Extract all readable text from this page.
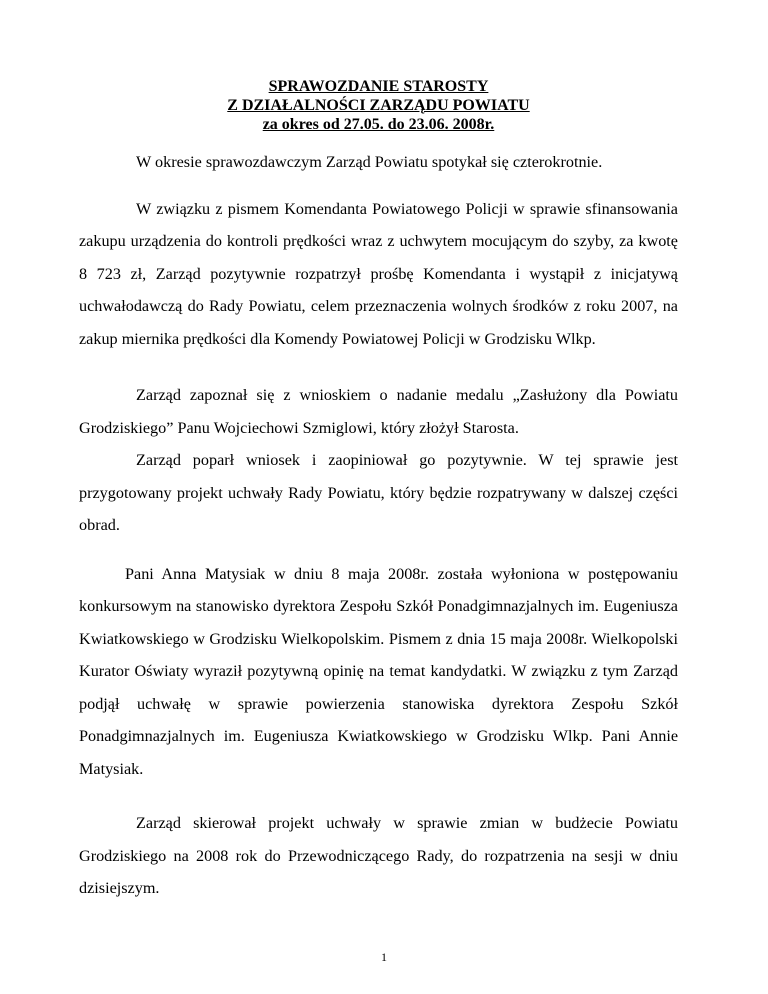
SPRAWOZDANIE STAROSTY

Z DZIAŁALNOŚCI ZARZĄDU POWIATU

za okres od 27.05. do 23.06. 2008r.

W okresie sprawozdawczym Zarząd Powiatu spotykał się czterokrotnie.

W związku z pismem Komendanta Powiatowego Policji w sprawie sfinansowania zakupu urządzenia do kontroli prędkości wraz z uchwytem mocującym do szyby, za kwotę 8 723 zł, Zarząd pozytywnie rozpatrzył prośbę Komendanta i wystąpił z inicjatywą uchwałodawczą do Rady Powiatu, celem przeznaczenia wolnych środków z roku 2007, na zakup miernika prędkości dla Komendy Powiatowej Policji w Grodzisku Wlkp.

Zarząd zapoznał się z wnioskiem o nadanie medalu „Zasłużony dla Powiatu Grodziskiego” Panu Wojciechowi Szmiglowi, który złożył Starosta.

Zarząd poparł wniosek i zaopiniował go pozytywnie. W tej sprawie jest przygotowany projekt uchwały Rady Powiatu, który będzie rozpatrywany w dalszej części obrad.

Pani Anna Matysiak w dniu 8 maja 2008r. została wyłoniona w postępowaniu konkursowym na stanowisko dyrektora Zespołu Szkół Ponadgimnazjalnych im. Eugeniusza Kwiatkowskiego w Grodzisku Wielkopolskim. Pismem z dnia 15 maja 2008r. Wielkopolski Kurator Oświaty wyraził pozytywną opinię na temat kandydatki. W związku z tym Zarząd podjął uchwałę w sprawie powierzenia stanowiska dyrektora Zespołu Szkół Ponadgimnazjalnych im. Eugeniusza Kwiatkowskiego w Grodzisku Wlkp. Pani Annie Matysiak.

Zarząd skierował projekt uchwały w sprawie zmian w budżecie Powiatu Grodziskiego na 2008 rok do Przewodniczącego Rady, do rozpatrzenia na sesji w dniu dzisiejszym.

1
